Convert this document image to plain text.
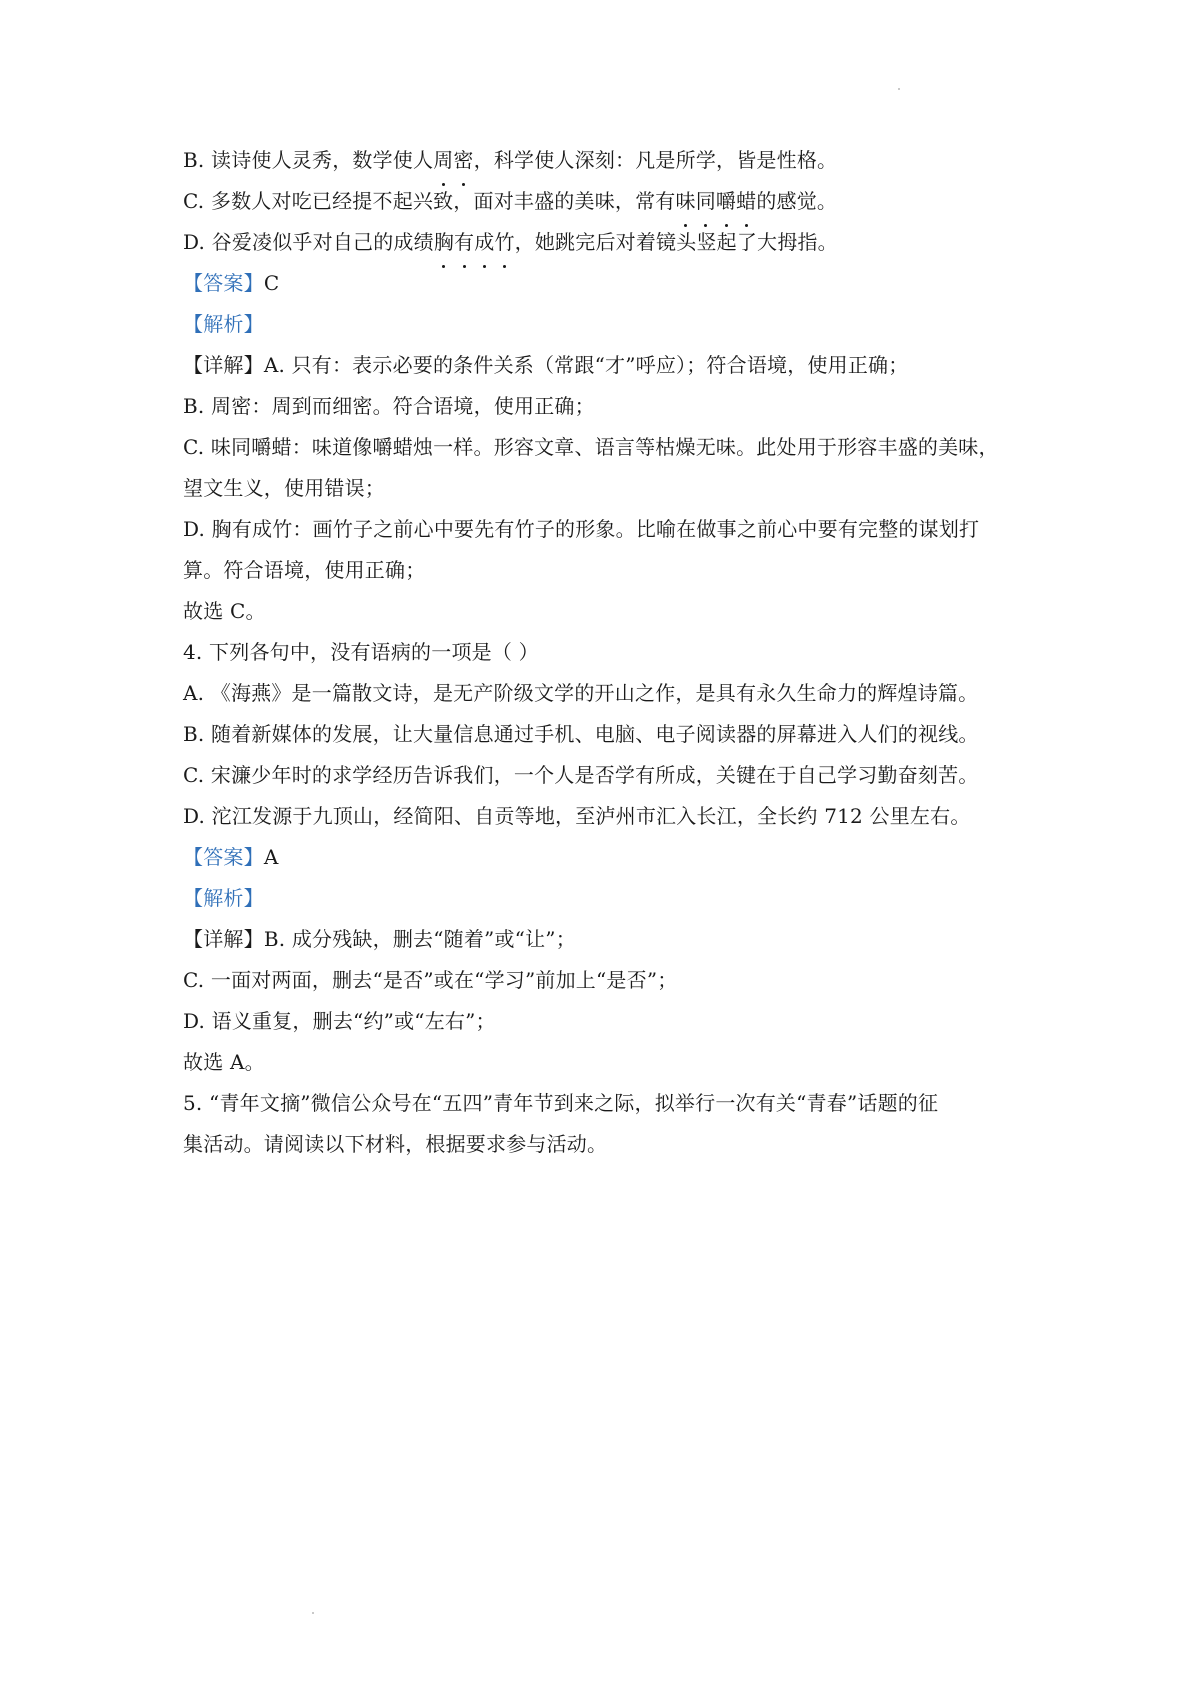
B. 读诗使人灵秀，数学使人周密，科学使人深刻：凡是所学，皆是性格。
C. 多数人对吃已经提不起兴致，面对丰盛的美味，常有味同嚼蜡的感觉。
D. 谷爱凌似乎对自己的成绩胸有成竹，她跳完后对着镜头竖起了大拇指。
【答案】C
【解析】
【详解】A. 只有：表示必要的条件关系（常跟“才”呼应）；符合语境，使用正确；
B. 周密：周到而细密。符合语境，使用正确；
C. 味同嚼蜡：味道像嚼蜡烛一样。形容文章、语言等枯燥无味。此处用于形容丰盛的美味，
望文生义，使用错误；
D. 胸有成竹：画竹子之前心中要先有竹子的形象。比喻在做事之前心中要有完整的谋划打
算。符合语境，使用正确；
故选 C。
4. 下列各句中，没有语病的一项是（ ）
A. 《海燕》是一篇散文诗，是无产阶级文学的开山之作，是具有永久生命力的辉煌诗篇。
B. 随着新媒体的发展，让大量信息通过手机、电脑、电子阅读器的屏幕进入人们的视线。
C. 宋濂少年时的求学经历告诉我们，一个人是否学有所成，关键在于自己学习勤奋刻苦。
D. 沱江发源于九顶山，经简阳、自贡等地，至泸州市汇入长江，全长约 712 公里左右。
【答案】A
【解析】
【详解】B. 成分残缺，删去“随着”或“让”；
C. 一面对两面，删去“是否”或在“学习”前加上“是否”；
D. 语义重复，删去“约”或“左右”；
故选 A。
5. “青年文摘”微信公众号在“五四”青年节到来之际，拟举行一次有关“青春”话题的征
集活动。请阅读以下材料，根据要求参与活动。
